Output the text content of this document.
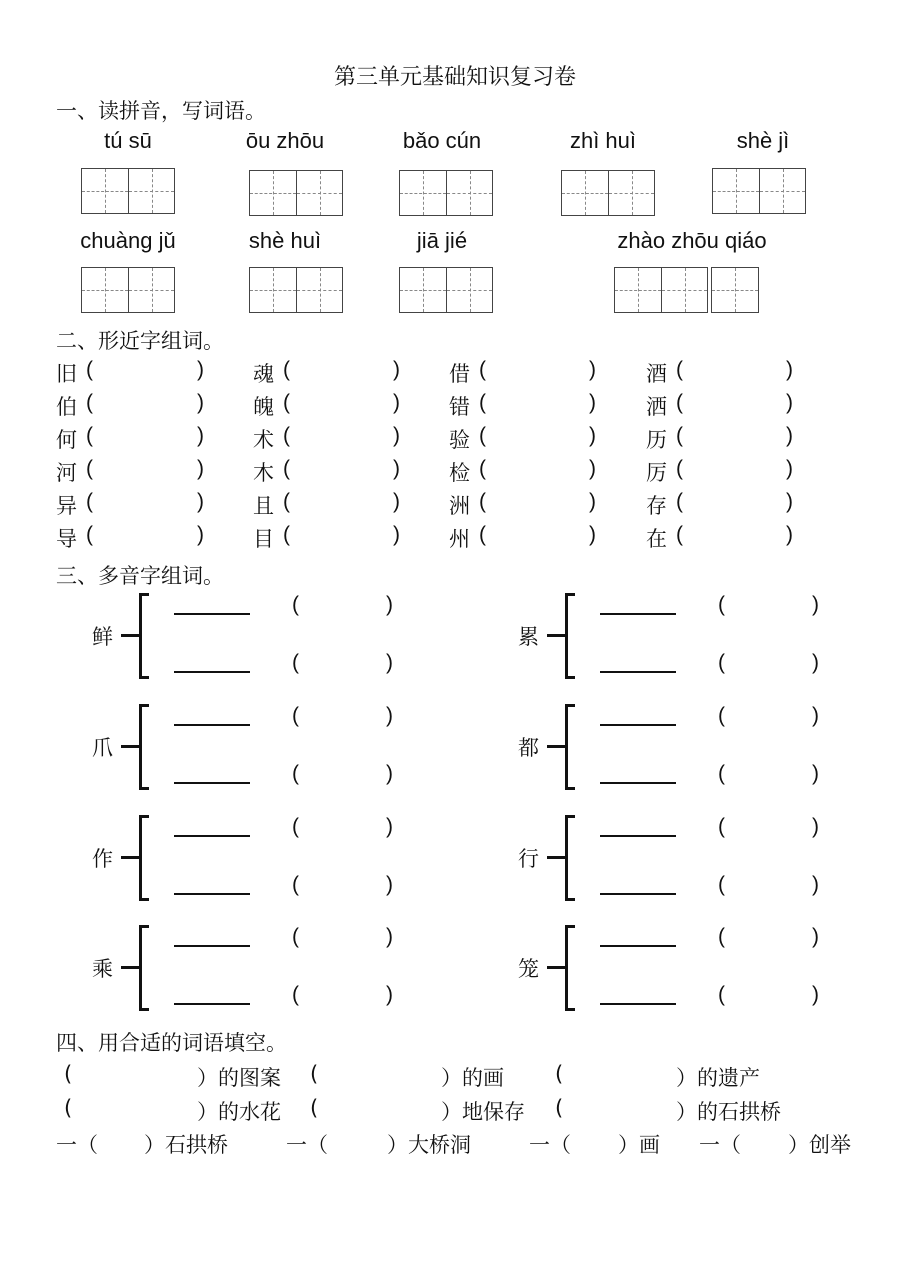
第三单元基础知识复习卷
一、读拼音，写词语。
tú sū	ōu zhōu	bǎo cún	zhì huì	shè jì
chuàng jǔ	shè huì	jiā jié	zhào zhōu qiáo
二、形近字组词。
旧 (	) 魂 (	) 借 (	) 酒 (	)
伯 (	) 魄 (	) 错 (	) 洒 (	)
何 (	) 术 (	) 验 (	) 历 (	)
河 (	) 木 (	) 检 (	) 厉 (	)
异 (	) 且 (	) 洲 (	) 存 (	)
导 (	) 目 (	) 州 (	) 在 (	)
三、多音字组词。
鲜
(	)
(	)
累
(	)
(	)
爪
(	)
(	)
都
(	)
(	)
作
(	)
(	)
行
(	)
(	)
乘
(	)
(	)
笼
(	)
(	)
四、用合适的词语填空。
(	）的图案 (	）的画 (	）的遗产
(	）的水花 (	）地保存 (	）的石拱桥
一（ ）石拱桥	一（	）大桥洞	一（ ）画 一（ ）创举
